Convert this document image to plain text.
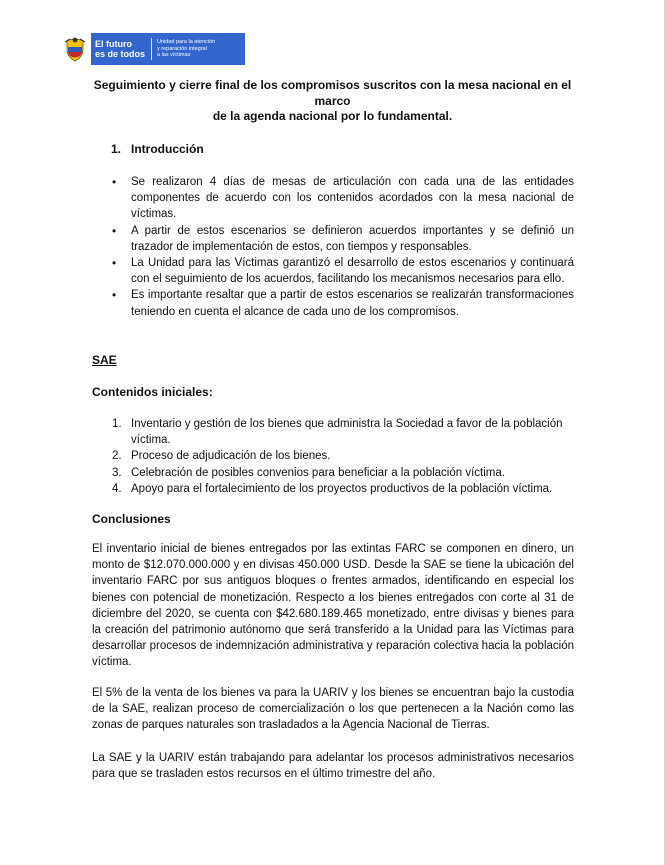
El futuro
es de todos
Unidad para la atención
y reparación integral
a las víctimas
Seguimiento y cierre final de los compromisos suscritos con la mesa nacional en el marco
de la agenda nacional por lo fundamental.
1. Introducción
• Se realizaron 4 días de mesas de articulación con cada una de las entidades componentes de acuerdo con los contenidos acordados con la mesa nacional de víctimas.
• A partir de estos escenarios se definieron acuerdos importantes y se definió un trazador de implementación de estos, con tiempos y responsables.
• La Unidad para las Víctimas garantizó el desarrollo de estos escenarios y continuará con el seguimiento de los acuerdos, facilitando los mecanismos necesarios para ello.
• Es importante resaltar que a partir de estos escenarios se realizarán transformaciones teniendo en cuenta el alcance de cada uno de los compromisos.
SAE
Contenidos iniciales:
1. Inventario y gestión de los bienes que administra la Sociedad a favor de la población víctima.
2. Proceso de adjudicación de los bienes.
3. Celebración de posibles convenios para beneficiar a la población víctima.
4. Apoyo para el fortalecimiento de los proyectos productivos de la población víctima.
Conclusiones

El inventario inicial de bienes entregados por las extintas FARC se componen en dinero, un monto de $12.070.000.000 y en divisas 450.000 USD. Desde la SAE se tiene la ubicación del inventario FARC por sus antiguos bloques o frentes armados, identificando en especial los bienes con potencial de monetización. Respecto a los bienes entregados con corte al 31 de diciembre del 2020, se cuenta con $42.680.189.465 monetizado, entre divisas y bienes para la creación del patrimonio autónomo que será transferido a la Unidad para las Víctimas para desarrollar procesos de indemnización administrativa y reparación colectiva hacia la población víctima.

El 5% de la venta de los bienes va para la UARIV y los bienes se encuentran bajo la custodia de la SAE, realizan proceso de comercialización o los que pertenecen a la Nación como las zonas de parques naturales son trasladados a la Agencia Nacional de Tierras.

La SAE y la UARIV están trabajando para adelantar los procesos administrativos necesarios para que se trasladen estos recursos en el último trimestre del año.
